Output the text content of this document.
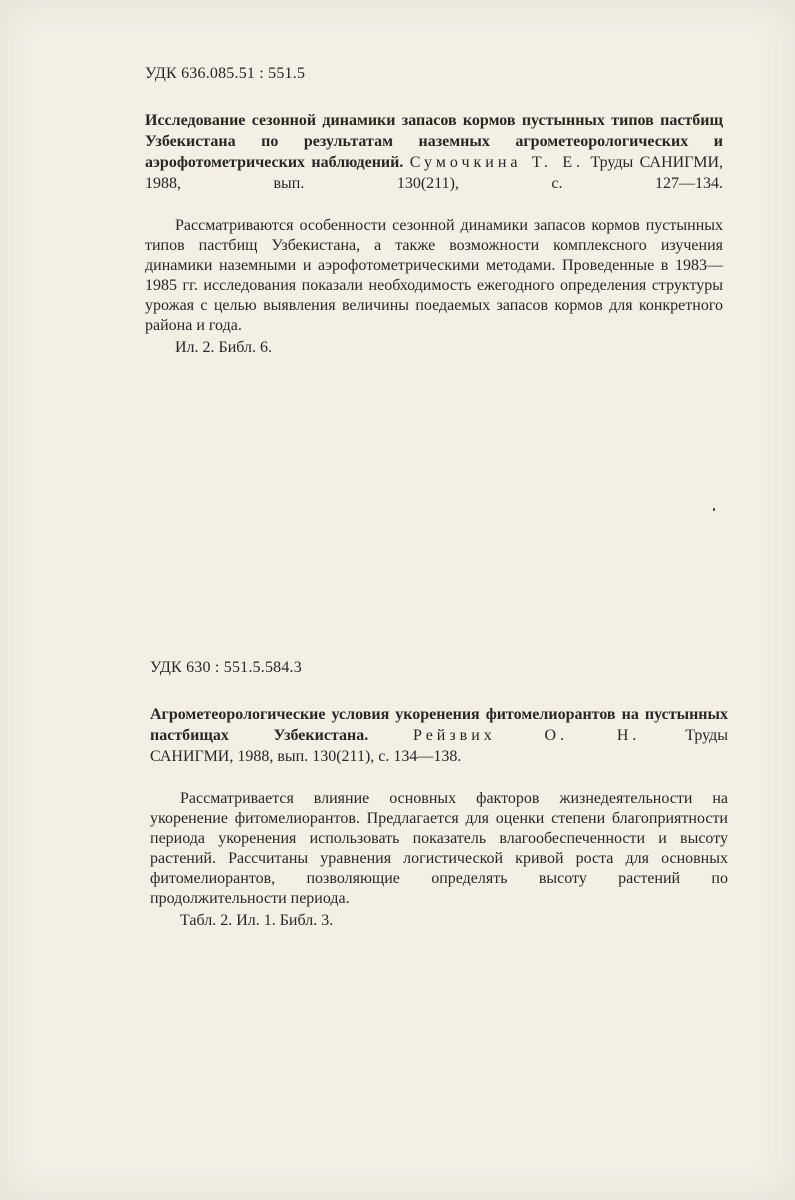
УДК 636.085.51 : 551.5

Исследование сезонной динамики запасов кормов пустынных типов пастбищ Узбекистана по результатам наземных агрометеорологических и аэрофотометрических наблюдений. Сумочкина Т. Е. Труды САНИГМИ, 1988, вып. 130(211), с. 127—134.

Рассматриваются особенности сезонной динамики запасов кормов пустынных типов пастбищ Узбекистана, а также возможности комплексного изучения динамики наземными и аэрофотометрическими методами. Проведенные в 1983—1985 гг. исследования показали необходимость ежегодного определения структуры урожая с целью выявления величины поедаемых запасов кормов для конкретного района и года.

Ил. 2. Библ. 6.
УДК 630 : 551.5.584.3

Агрометеорологические условия укоренения фитомелиорантов на пустынных пастбищах Узбекистана.	Рейзвих О. Н.	Труды

САНИГМИ, 1988, вып. 130(211), с. 134—138.

Рассматривается влияние основных факторов жизнедеятельности на укоренение фитомелиорантов. Предлагается для оценки степени благоприятности периода укоренения использовать показатель влагообеспеченности и высоту растений. Рассчитаны уравнения логистической кривой роста для основных фитомелиорантов, позволяющие определять высоту растений по продолжительности периода.

Табл. 2. Ил. 1. Библ. 3.
